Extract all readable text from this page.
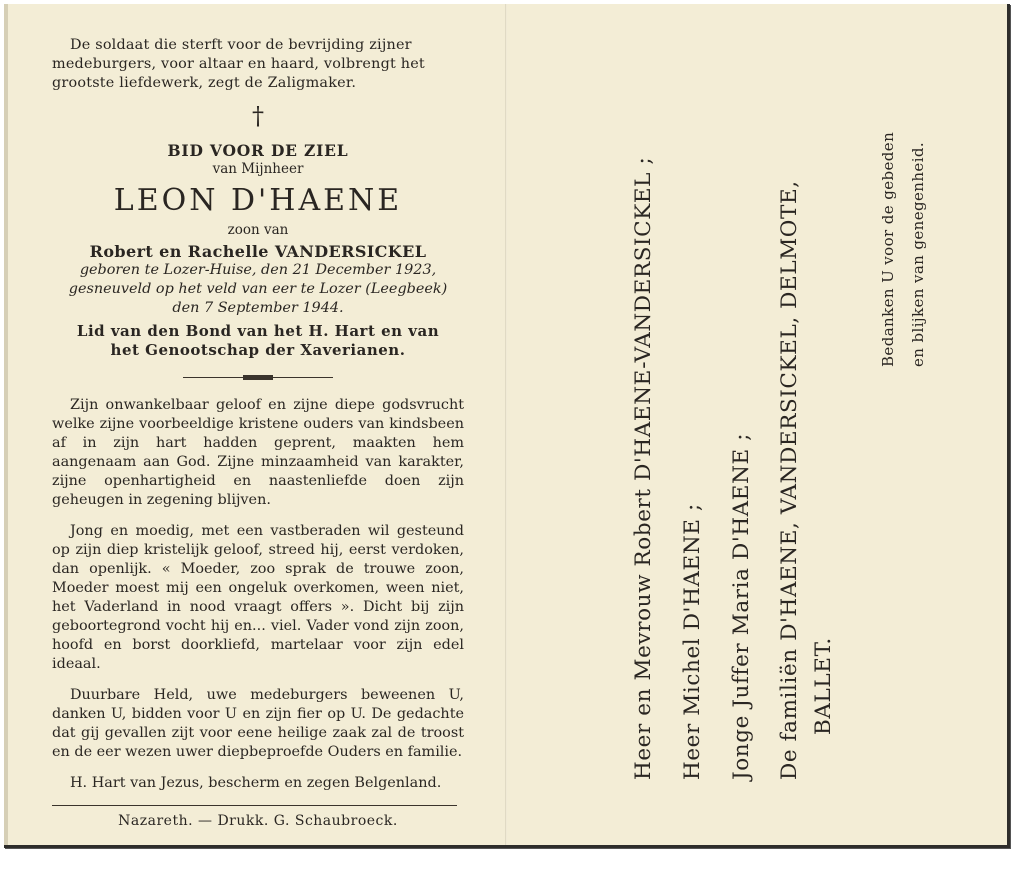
De soldaat die sterft voor de bevrijding zijner
medeburgers, voor altaar en haard, volbrengt het
grootste liefdewerk, zegt de Zaligmaker.

†
BID VOOR DE ZIEL
van Mijnheer
LEON D'HAENE
zoon van
Robert en Rachelle VANDERSICKEL
geboren te Lozer-Huise, den 21 December 1923,
gesneuveld op het veld van eer te Lozer (Leegbeek)
den 7 September 1944.
Lid van den Bond van het H. Hart en van
het Genootschap der Xaverianen.

Zijn onwankelbaar geloof en zijne diepe godsvrucht welke zijne voorbeeldige kristene ouders van kindsbeen af in zijn hart hadden geprent, maakten hem aangenaam aan God. Zijne minzaamheid van karakter, zijne openhartigheid en naastenliefde doen zijn geheugen in zegening blijven.

Jong en moedig, met een vastberaden wil gesteund op zijn diep kristelijk geloof, streed hij, eerst verdoken, dan openlijk. « Moeder, zoo sprak de trouwe zoon, Moeder moest mij een ongeluk overkomen, ween niet, het Vaderland in nood vraagt offers ». Dicht bij zijn geboortegrond vocht hij en... viel. Vader vond zijn zoon, hoofd en borst doorkliefd, martelaar voor zijn edel ideaal.

Duurbare Held, uwe medeburgers beweenen U, danken U, bidden voor U en zijn fier op U. De gedachte dat gij gevallen zijt voor eene heilige zaak zal de troost en de eer wezen uwer diepbeproefde Ouders en familie.

H. Hart van Jezus, bescherm en zegen Belgenland.

Nazareth. — Drukk. G. Schaubroeck.
Heer en Mevrouw Robert D'HAENE-VANDERSICKEL ; Heer Michel D'HAENE ; Jonge Juffer Maria D'HAENE ; De familiën D'HAENE, VANDERSICKEL, DELMOTE, BALLET.
Bedanken U voor de gebeden en blijken van genegenheid.
